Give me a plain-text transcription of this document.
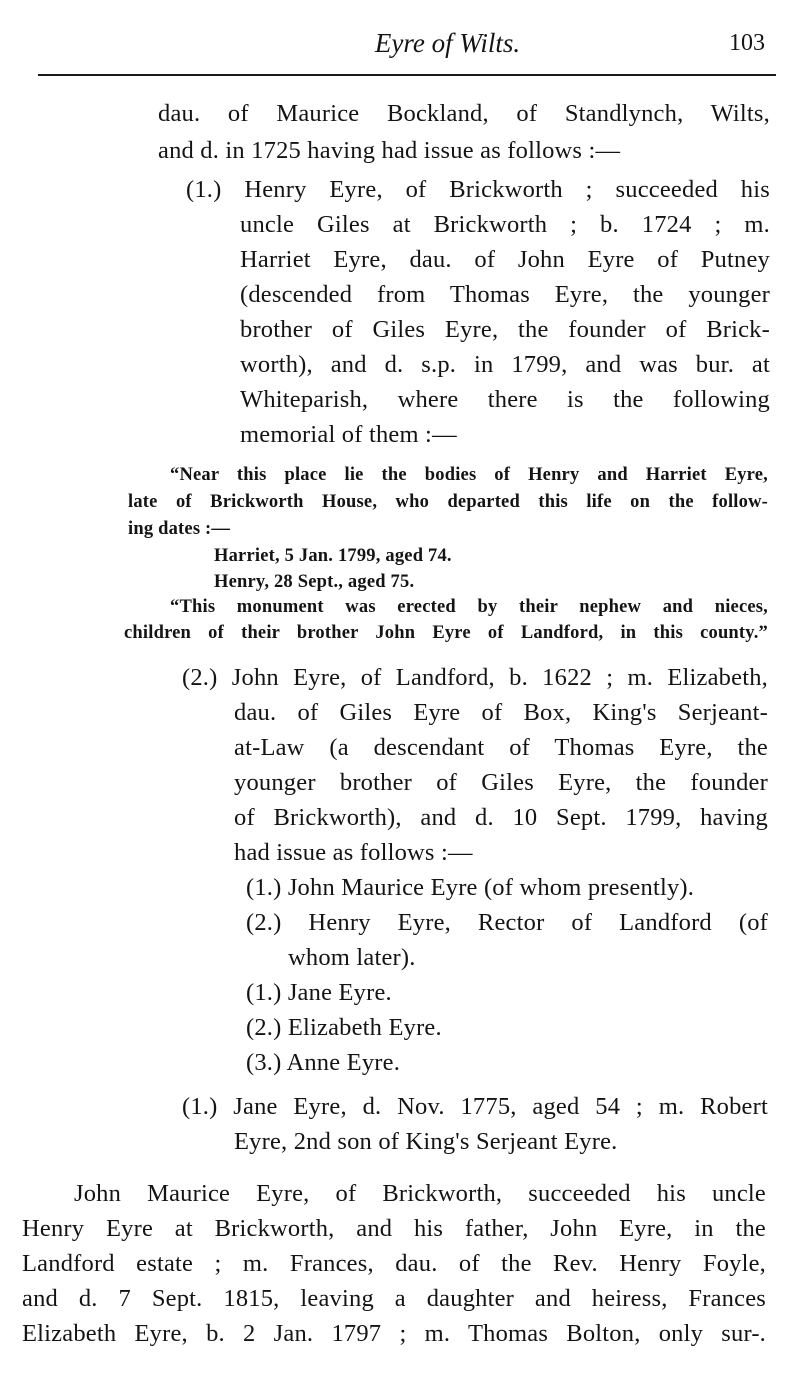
Eyre of Wilts.	103
dau. of Maurice Bockland, of Standlynch, Wilts,
and d. in 1725 having had issue as follows :—
(1.) Henry Eyre, of Brickworth ; succeeded his
uncle Giles at Brickworth ; b. 1724 ; m.
Harriet Eyre, dau. of John Eyre of Putney
(descended from Thomas Eyre, the younger
brother of Giles Eyre, the founder of Brick-
worth), and d. s.p. in 1799, and was bur. at
Whiteparish, where there is the following
memorial of them :—
“Near this place lie the bodies of Henry and Harriet Eyre,
late of Brickworth House, who departed this life on the follow-
ing dates :—
Harriet, 5 Jan. 1799, aged 74.
Henry, 28 Sept., aged 75.
“This monument was erected by their nephew and nieces,
children of their brother John Eyre of Landford, in this county.”
(2.) John Eyre, of Landford, b. 1622 ; m. Elizabeth,
dau. of Giles Eyre of Box, King's Serjeant-
at-Law (a descendant of Thomas Eyre, the
younger brother of Giles Eyre, the founder
of Brickworth), and d. 10 Sept. 1799, having
had issue as follows :—
(1.) John Maurice Eyre (of whom presently).
(2.) Henry Eyre, Rector of Landford (of
whom later).
(1.) Jane Eyre.
(2.) Elizabeth Eyre.
(3.) Anne Eyre.
(1.) Jane Eyre, d. Nov. 1775, aged 54 ; m. Robert
Eyre, 2nd son of King's Serjeant Eyre.
John Maurice Eyre, of Brickworth, succeeded his uncle
Henry Eyre at Brickworth, and his father, John Eyre, in the
Landford estate ; m. Frances, dau. of the Rev. Henry Foyle,
and d. 7 Sept. 1815, leaving a daughter and heiress, Frances
Elizabeth Eyre, b. 2 Jan. 1797 ; m. Thomas Bolton, only sur-.
